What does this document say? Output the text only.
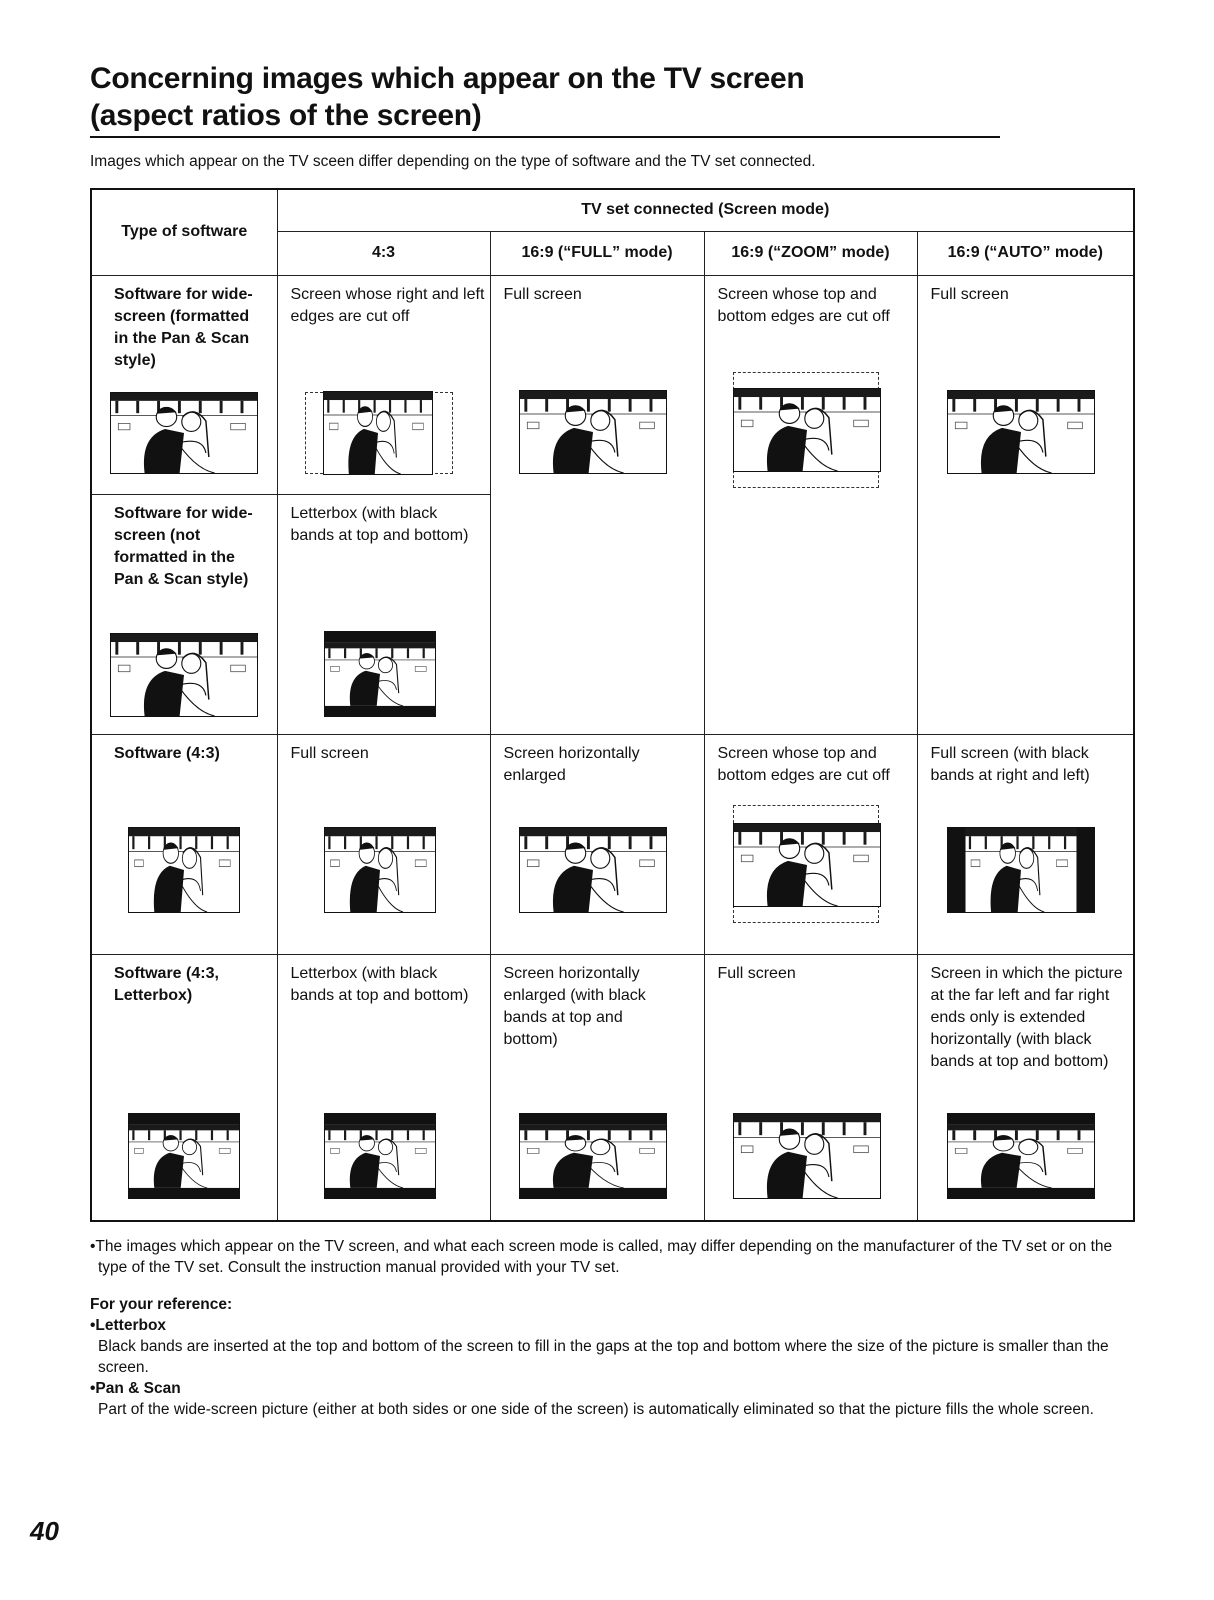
Concerning images which appear on the TV screen
(aspect ratios of the screen)
Images which appear on the TV sceen differ depending on the type of software and the TV set connected.
Type of software	TV set connected (Screen mode)			
	4:3	16:9 (“FULL” mode)	16:9 (“ZOOM” mode)	16:9 (“AUTO” mode)

Software for wide-screen (formatted in the Pan & Scan style)	Screen whose right and left edges are cut off	Full screen	Screen whose top and bottom edges are cut off	Full screen

Software for wide-screen (not formatted in the Pan & Scan style)	Letterbox (with black bands at top and bottom)			

Software (4:3)	Full screen	Screen horizontally enlarged	Screen whose top and bottom edges are cut off	Full screen (with black bands at right and left)

Software (4:3, Letterbox)	Letterbox (with black bands at top and bottom)	Screen horizontally enlarged (with black bands at top and bottom)	Full screen	Screen in which the picture at the far left and far right ends only is extended horizontally (with black bands at top and bottom)
•The images which appear on the TV screen, and what each screen mode is called, may differ depending on the manufacturer of the TV set or on the type of the TV set. Consult the instruction manual provided with your TV set.
For your reference:
•Letterbox
Black bands are inserted at the top and bottom of the screen to fill in the gaps at the top and bottom where the size of the picture is smaller than the screen.
•Pan & Scan
Part of the wide-screen picture (either at both sides or one side of the screen) is automatically eliminated so that the picture fills the whole screen.
40
